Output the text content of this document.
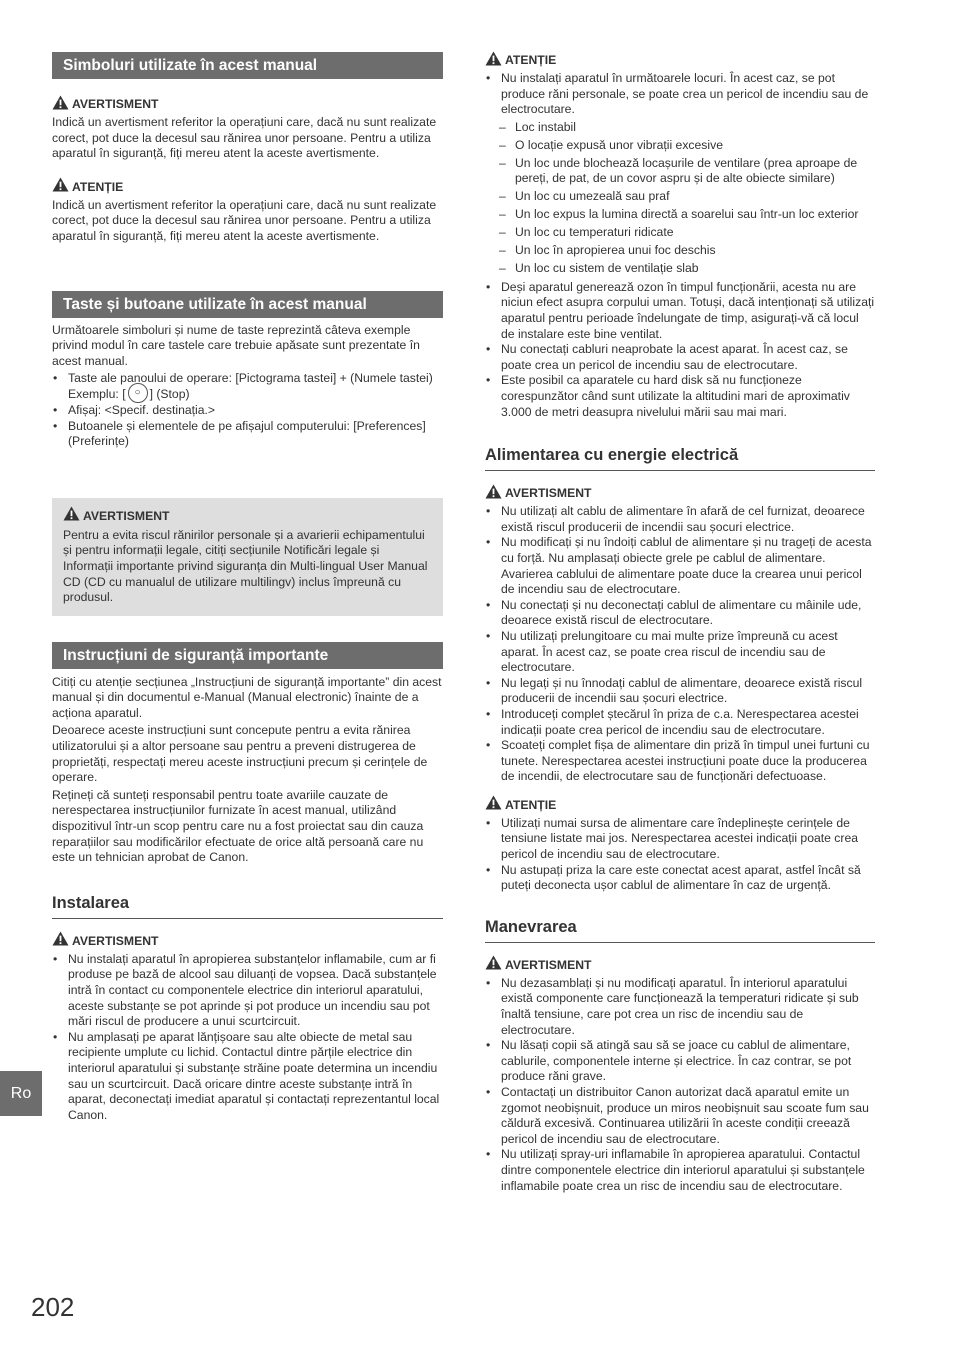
Simboluri utilizate în acest manual
AVERTISMENT

Indică un avertisment referitor la operațiuni care, dacă nu sunt realizate corect, pot duce la decesul sau rănirea unor persoane. Pentru a utiliza aparatul în siguranță, fiți mereu atent la aceste avertismente.

ATENȚIE

Indică un avertisment referitor la operațiuni care, dacă nu sunt realizate corect, pot duce la decesul sau rănirea unor persoane. Pentru a utiliza aparatul în siguranță, fiți mereu atent la aceste avertismente.

Taste și butoane utilizate în acest manual

Următoarele simboluri și nume de taste reprezintă câteva exemple privind modul în care tastele care trebuie apăsate sunt prezentate în acest manual.

• Taste ale panoului de operare: [Pictograma tastei] + (Numele tastei)
Exemplu: [ ○ ] (Stop)
• Afișaj: <Specif. destinația.>
• Butoanele și elementele de pe afișajul computerului: [Preferences] (Preferințe)
AVERTISMENT

Pentru a evita riscul rănirilor personale și a avarierii echipamentului și pentru informații legale, citiți secțiunile Notificări legale și Informații importante privind siguranța din Multi-lingual User Manual CD (CD cu manualul de utilizare multilingv) inclus împreună cu produsul.

Instrucțiuni de siguranță importante

Citiți cu atenție secțiunea „Instrucțiuni de siguranță importante” din acest manual și din documentul e-Manual (Manual electronic) înainte de a acționa aparatul.

Deoarece aceste instrucțiuni sunt concepute pentru a evita rănirea utilizatorului și a altor persoane sau pentru a preveni distrugerea de proprietăți, respectați mereu aceste instrucțiuni precum și cerințele de operare.

Rețineți că sunteți responsabil pentru toate avariile cauzate de nerespectarea instrucțiunilor furnizate în acest manual, utilizând dispozitivul într-un scop pentru care nu a fost proiectat sau din cauza reparațiilor sau modificărilor efectuate de orice altă persoană care nu este un tehnician aprobat de Canon.

Instalarea
AVERTISMENT
• Nu instalați aparatul în apropierea substanțelor inflamabile, cum ar fi produse pe bază de alcool sau diluanți de vopsea. Dacă substanțele intră în contact cu componentele electrice din interiorul aparatului, aceste substanțe se pot aprinde și pot produce un incendiu sau pot mări riscul de producere a unui scurtcircuit.
• Nu amplasați pe aparat lănțișoare sau alte obiecte de metal sau recipiente umplute cu lichid. Contactul dintre părțile electrice din interiorul aparatului și substanțe străine poate determina un incendiu sau un scurtcircuit. Dacă oricare dintre aceste substanțe intră în aparat, deconectați imediat aparatul și contactați reprezentantul local Canon.
ATENȚIE
• Nu instalați aparatul în următoarele locuri. În acest caz, se pot produce răni personale, se poate crea un pericol de incendiu sau de electrocutare.
– Loc instabil
– O locație expusă unor vibrații excesive
– Un loc unde blochează locașurile de ventilare (prea aproape de pereți, de pat, de un covor aspru și de alte obiecte similare)
– Un loc cu umezeală sau praf
– Un loc expus la lumina directă a soarelui sau într-un loc exterior
– Un loc cu temperaturi ridicate
– Un loc în apropierea unui foc deschis
– Un loc cu sistem de ventilație slab
• Deși aparatul generează ozon în timpul funcționării, acesta nu are niciun efect asupra corpului uman. Totuși, dacă intenționați să utilizați aparatul pentru perioade îndelungate de timp, asigurați-vă că locul de instalare este bine ventilat.
• Nu conectați cabluri neaprobate la acest aparat. În acest caz, se poate crea un pericol de incendiu sau de electrocutare.
• Este posibil ca aparatele cu hard disk să nu funcționeze corespunzător când sunt utilizate la altitudini mari de aproximativ 3.000 de metri deasupra nivelului mării sau mai mari.
Alimentarea cu energie electrică
AVERTISMENT
• Nu utilizați alt cablu de alimentare în afară de cel furnizat, deoarece există riscul producerii de incendii sau șocuri electrice.
• Nu modificați și nu îndoiți cablul de alimentare și nu trageți de acesta cu forță. Nu amplasați obiecte grele pe cablul de alimentare. Avarierea cablului de alimentare poate duce la crearea unui pericol de incendiu sau de electrocutare.
• Nu conectați și nu deconectați cablul de alimentare cu mâinile ude, deoarece există riscul de electrocutare.
• Nu utilizați prelungitoare cu mai multe prize împreună cu acest aparat. În acest caz, se poate crea riscul de incendiu sau de electrocutare.
• Nu legați și nu înnodați cablul de alimentare, deoarece există riscul producerii de incendii sau șocuri electrice.
• Introduceți complet ștecărul în priza de c.a. Nerespectarea acestei indicații poate crea pericol de incendiu sau de electrocutare.
• Scoateți complet fișa de alimentare din priză în timpul unei furtuni cu tunete. Nerespectarea acestei instrucțiuni poate duce la producerea de incendii, de electrocutare sau de funcționări defectuoase.
ATENȚIE
• Utilizați numai sursa de alimentare care îndeplinește cerințele de tensiune listate mai jos. Nerespectarea acestei indicații poate crea pericol de incendiu sau de electrocutare.
• Nu astupați priza la care este conectat acest aparat, astfel încât să puteți deconecta ușor cablul de alimentare în caz de urgență.
Manevrarea
AVERTISMENT
• Nu dezasamblați și nu modificați aparatul. În interiorul aparatului există componente care funcționează la temperaturi ridicate și sub înaltă tensiune, care pot crea un risc de incendiu sau de electrocutare.
• Nu lăsați copii să atingă sau să se joace cu cablul de alimentare, cablurile, componentele interne și electrice. În caz contrar, se pot produce răni grave.
• Contactați un distribuitor Canon autorizat dacă aparatul emite un zgomot neobișnuit, produce un miros neobișnuit sau scoate fum sau căldură excesivă. Continuarea utilizării în aceste condiții creează pericol de incendiu sau de electrocutare.
• Nu utilizați spray-uri inflamabile în apropierea aparatului. Contactul dintre componentele electrice din interiorul aparatului și substanțele inflamabile poate crea un risc de incendiu sau de electrocutare.
Ro
202
